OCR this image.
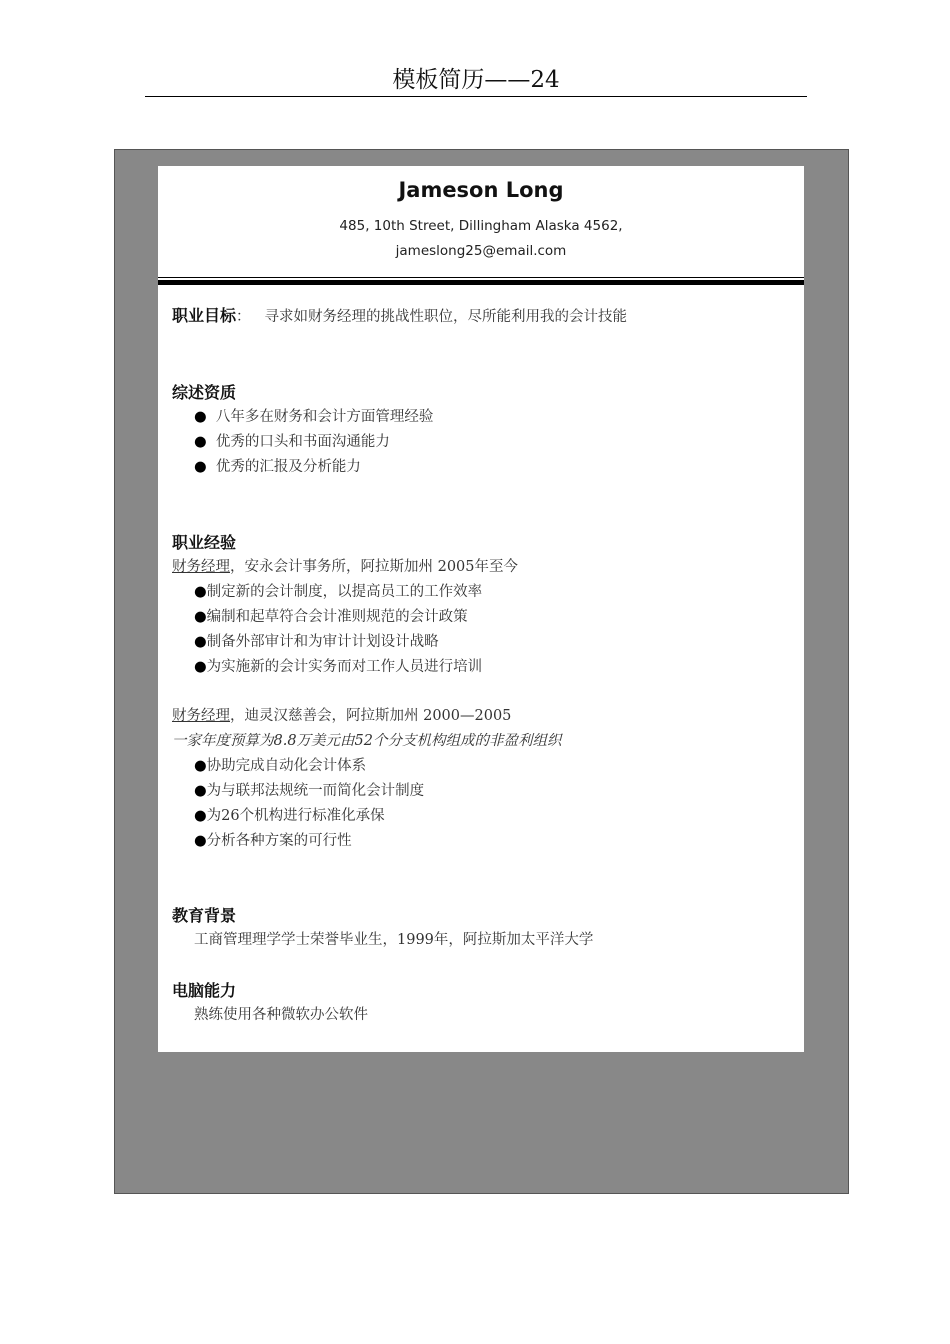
模板简历——24
Jameson Long
485, 10th Street, Dillingham Alaska 4562,
jameslong25@email.com
职业目标： 寻求如财务经理的挑战性职位，尽所能利用我的会计技能
综述资质
● 八年多在财务和会计方面管理经验
● 优秀的口头和书面沟通能力
● 优秀的汇报及分析能力
职业经验
财务经理，安永会计事务所，阿拉斯加州 2005年至今
●制定新的会计制度，以提高员工的工作效率
●编制和起草符合会计准则规范的会计政策
●制备外部审计和为审计计划设计战略
●为实施新的会计实务而对工作人员进行培训
财务经理，迪灵汉慈善会，阿拉斯加州 2000—2005
一家年度预算为8.8万美元由52个分支机构组成的非盈利组织
●协助完成自动化会计体系
●为与联邦法规统一而简化会计制度
●为26个机构进行标准化承保
●分析各种方案的可行性
教育背景
工商管理理学学士荣誉毕业生，1999年，阿拉斯加太平洋大学
电脑能力
熟练使用各种微软办公软件
